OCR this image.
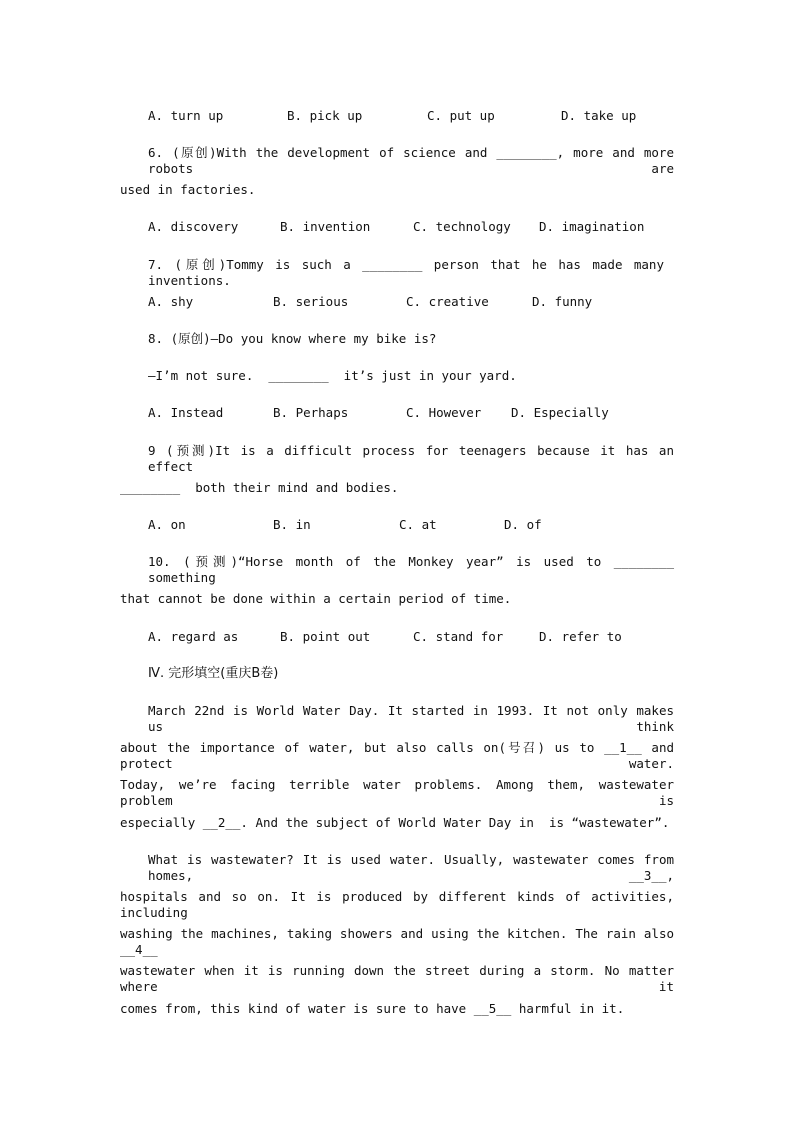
A. turn up	B. pick up	C. put up	D. take up
6. (原创)With the development of science and ________, more and more robots are
used in factories.
A. discovery	B. invention	C. technology D. imagination
7. (原创)Tommy is such a ________ person that he has made many inventions.
A. shy	B. serious	C. creative	D. funny
8. (原创)—Do you know where my bike is?
—I’m not sure.  ________  it’s just in your yard.
A. Instead	B. Perhaps	C. However D. Especially
9 (预测)It is a difficult process for teenagers because it has an effect
________  both their mind and bodies.
A. on	B. in	C. at	D. of
10. (预测)“Horse month of the Monkey year” is used to ________ something
that cannot be done within a certain period of time.
A. regard as	B. point out	C. stand for	D. refer to
Ⅳ. 完形填空(重庆B卷)
March 22nd is World Water Day. It started in 1993. It not only makes us think
about the importance of water, but also calls on(号召) us to __1__ and protect water.
Today, we’re facing terrible water problems. Among them, wastewater problem is
especially __2__. And the subject of World Water Day in  is “wastewater”.
What is wastewater? It is used water. Usually, wastewater comes from homes, __3__,
hospitals and so on. It is produced by different kinds of activities, including
washing the machines, taking showers and using the kitchen. The rain also __4__
wastewater when it is running down the street during a storm. No matter where it
comes from, this kind of water is sure to have __5__ harmful in it.
